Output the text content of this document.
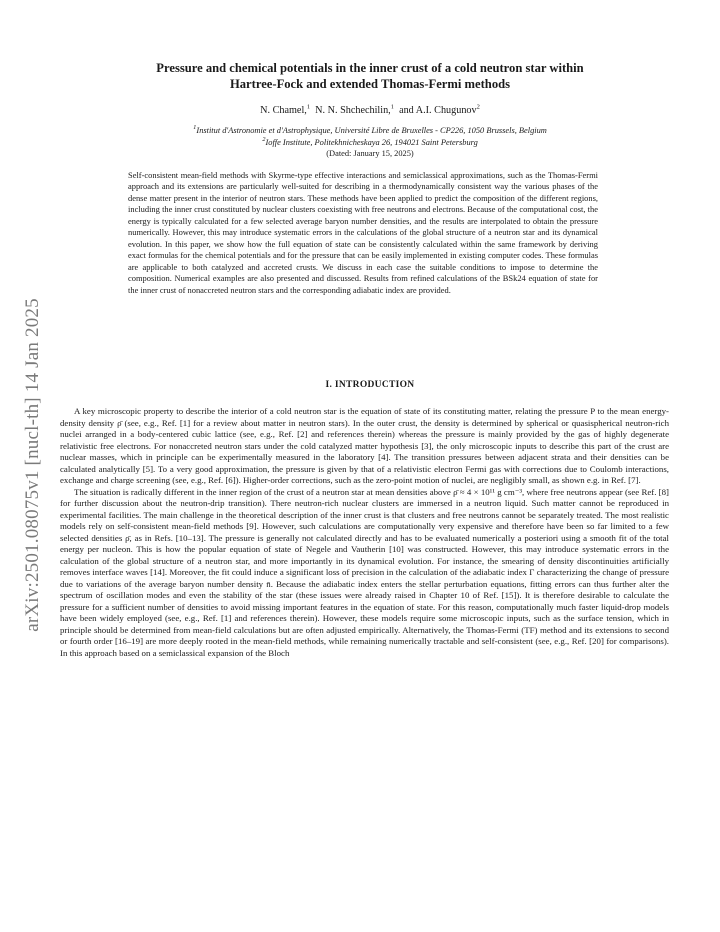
arXiv:2501.08075v1 [nucl-th] 14 Jan 2025
Pressure and chemical potentials in the inner crust of a cold neutron star within
Hartree-Fock and extended Thomas-Fermi methods
N. Chamel,$^1$ N. N. Shchechilin,$^1$ and A.I. Chugunov$^2$
$^1$Institut d'Astronomie et d'Astrophysique, Université Libre de Bruxelles - CP226, 1050 Brussels, Belgium
$^2$Ioffe Institute, Politekhnicheskaya 26, 194021 Saint Petersburg
(Dated: January 15, 2025)
Self-consistent mean-field methods with Skyrme-type effective interactions and semiclassical approximations, such as the Thomas-Fermi approach and its extensions are particularly well-suited for describing in a thermodynamically consistent way the various phases of the dense matter present in the interior of neutron stars. These methods have been applied to predict the composition of the different regions, including the inner crust constituted by nuclear clusters coexisting with free neutrons and electrons. Because of the computational cost, the energy is typically calculated for a few selected average baryon number densities, and the results are interpolated to obtain the pressure numerically. However, this may introduce systematic errors in the calculations of the global structure of a neutron star and its dynamical evolution. In this paper, we show how the full equation of state can be consistently calculated within the same framework by deriving exact formulas for the chemical potentials and for the pressure that can be easily implemented in existing computer codes. These formulas are applicable to both catalyzed and accreted crusts. We discuss in each case the suitable conditions to impose to determine the composition. Numerical examples are also presented and discussed. Results from refined calculations of the BSk24 equation of state for the inner crust of nonaccreted neutron stars and the corresponding adiabatic index are provided.
I. INTRODUCTION

A key microscopic property to describe the interior of a cold neutron star is the equation of state of its constituting matter, relating the pressure P to the mean energy-density density ρ̄ (see, e.g., Ref. [1] for a review about matter in neutron stars). In the outer crust, the density is determined by spherical or quasispherical neutron-rich nuclei arranged in a body-centered cubic lattice (see, e.g., Ref. [2] and references therein) whereas the pressure is mainly provided by the gas of highly degenerate relativistic free electrons. For nonaccreted neutron stars under the cold catalyzed matter hypothesis [3], the only microscopic inputs to describe this part of the crust are nuclear masses, which in principle can be experimentally measured in the laboratory [4]. The transition pressures between adjacent strata and their densities can be calculated analytically [5]. To a very good approximation, the pressure is given by that of a relativistic electron Fermi gas with corrections due to Coulomb interactions, exchange and charge screening (see, e.g., Ref. [6]). Higher-order corrections, such as the zero-point motion of nuclei, are negligibly small, as shown e.g. in Ref. [7].

The situation is radically different in the inner region of the crust of a neutron star at mean densities above ρ̄ ≈ 4 × 10¹¹ g cm⁻³, where free neutrons appear (see Ref. [8] for further discussion about the neutron-drip transition). There neutron-rich nuclear clusters are immersed in a neutron liquid. Such matter cannot be reproduced in experimental facilities. The main challenge in the theoretical description of the inner crust is that clusters and free neutrons cannot be separately treated. The most realistic models rely on self-consistent mean-field methods [9]. However, such calculations are computationally very expensive and therefore have been so far limited to a few selected densities ρ̄, as in Refs. [10–13]. The pressure is generally not calculated directly and has to be evaluated numerically a posteriori using a smooth fit of the total energy per nucleon. This is how the popular equation of state of Negele and Vautherin [10] was constructed. However, this may introduce systematic errors in the calculation of the global structure of a neutron star, and more importantly in its dynamical evolution. For instance, the smearing of density discontinuities artificially removes interface waves [14]. Moreover, the fit could induce a significant loss of precision in the calculation of the adiabatic index Γ characterizing the change of pressure due to variations of the average baryon number density n̄. Because the adiabatic index enters the stellar perturbation equations, fitting errors can thus further alter the spectrum of oscillation modes and even the stability of the star (these issues were already raised in Chapter 10 of Ref. [15]). It is therefore desirable to calculate the pressure for a sufficient number of densities to avoid missing important features in the equation of state. For this reason, computationally much faster liquid-drop models have been widely employed (see, e.g., Ref. [1] and references therein). However, these models require some microscopic inputs, such as the surface tension, which in principle should be determined from mean-field calculations but are often adjusted empirically. Alternatively, the Thomas-Fermi (TF) method and its extensions to second or fourth order [16–19] are more deeply rooted in the mean-field methods, while remaining numerically tractable and self-consistent (see, e.g., Ref. [20] for comparisons). In this approach based on a semiclassical expansion of the Bloch
